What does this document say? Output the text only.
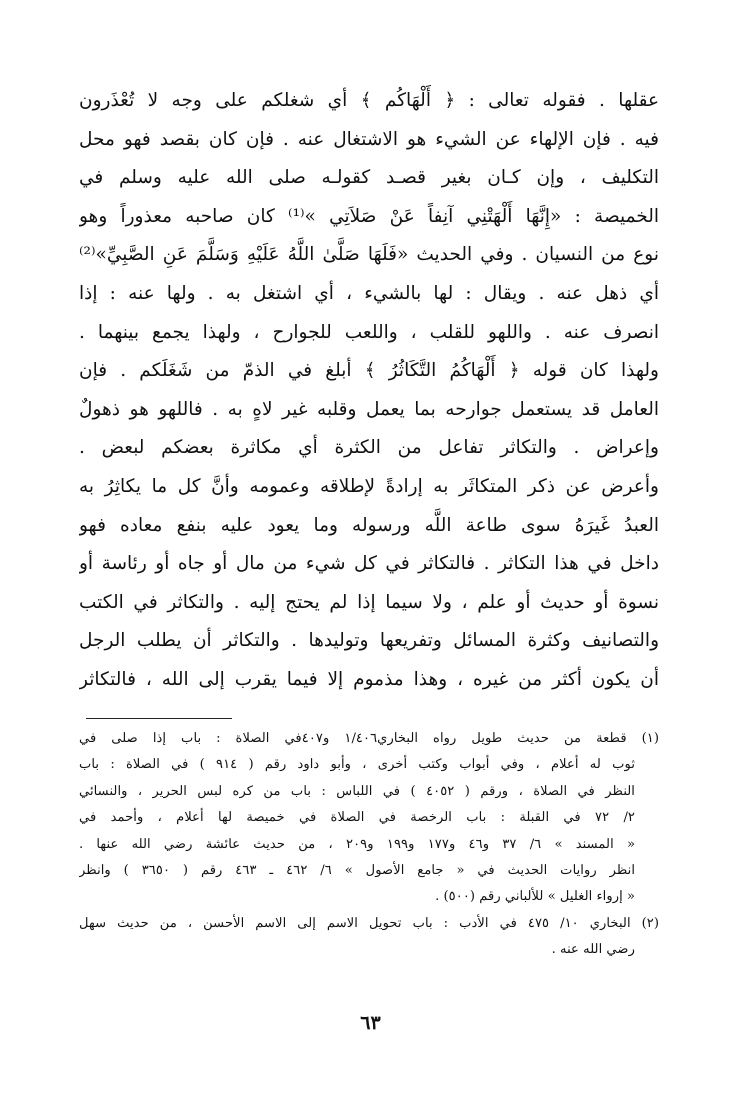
عقلها . فقوله تعالى : ﴿ أَلْهَاكُم ﴾ أي شغلكم على وجه لا تُعْذَرون
فيه . فإن الإلهاء عن الشيء هو الاشتغال عنه . فإن كان بقصد فهو محل
التكليف ، وإن كـان بغير قصـد كقولـه صلى الله عليه وسلم في
الخميصة : «إِنَّهَا أَلْهَتْنِي آنِفاً عَنْ صَلاَتِي »⁽¹⁾ كان صاحبه معذوراً وهو
نوع من النسيان . وفي الحديث «فَلَهَا صَلَّىٰ اللَّهُ عَلَيْهِ وَسَلَّمَ عَنِ الصَّبِيِّ»⁽²⁾
أي ذهل عنه . ويقال : لها بالشيء ، أي اشتغل به . ولها عنه : إذا
انصرف عنه . واللهو للقلب ، واللعب للجوارح ، ولهذا يجمع بينهما .
ولهذا كان قوله ﴿ أَلْهَاكُمُ التَّكَاثُرُ ﴾ أبلغ في الذمّ من شَغَلَكم . فإن
العامل قد يستعمل جوارحه بما يعمل وقلبه غير لاهٍ به . فاللهو هو ذهولٌ
وإعراض . والتكاثر تفاعل من الكثرة أي مكاثرة بعضكم لبعض .
وأعرض عن ذكر المتكاثَر به إرادةً لإطلاقه وعمومه وأنَّ كل ما يكاثِرُ به
العبدُ غَيرَهُ سوى طاعة اللَّه ورسوله وما يعود عليه بنفع معاده فهو
داخل في هذا التكاثر . فالتكاثر في كل شيء من مال أو جاه أو رئاسة أو
نسوة أو حديث أو علم ، ولا سيما إذا لم يحتج إليه . والتكاثر في الكتب
والتصانيف وكثرة المسائل وتفريعها وتوليدها . والتكاثر أن يطلب الرجل
أن يكون أكثر من غيره ، وهذا مذموم إلا فيما يقرب إلى الله ، فالتكاثر
(١) قطعة من حديث طويل رواه البخاري١/٤٠٦ و٤٠٧في الصلاة : باب إذا صلى في
ثوب له أعلام ، وفي أبواب وكتب أخرى ، وأبو داود رقم ( ٩١٤ ) في الصلاة : باب
النظر في الصلاة ، ورقم ( ٤٠٥٢ ) في اللباس : باب من كره لبس الحرير ، والنسائي
٢/ ٧٢ في القبلة : باب الرخصة في الصلاة في خميصة لها أعلام ، وأحمد في
« المسند » ٦/ ٣٧ و٤٦ و١٧٧ و١٩٩ و٢٠٩ ، من حديث عائشة رضي الله عنها .
انظر روايات الحديث في « جامع الأصول » ٦/ ٤٦٢ ـ ٤٦٣ رقم ( ٣٦٥٠ ) وانظر
« إرواء الغليل » للألباني رقم (٥٠٠) .
(٢) البخاري ١٠/ ٤٧٥ في الأدب : باب تحويل الاسم إلى الاسم الأحسن ، من حديث سهل
رضي الله عنه .
٦٣
